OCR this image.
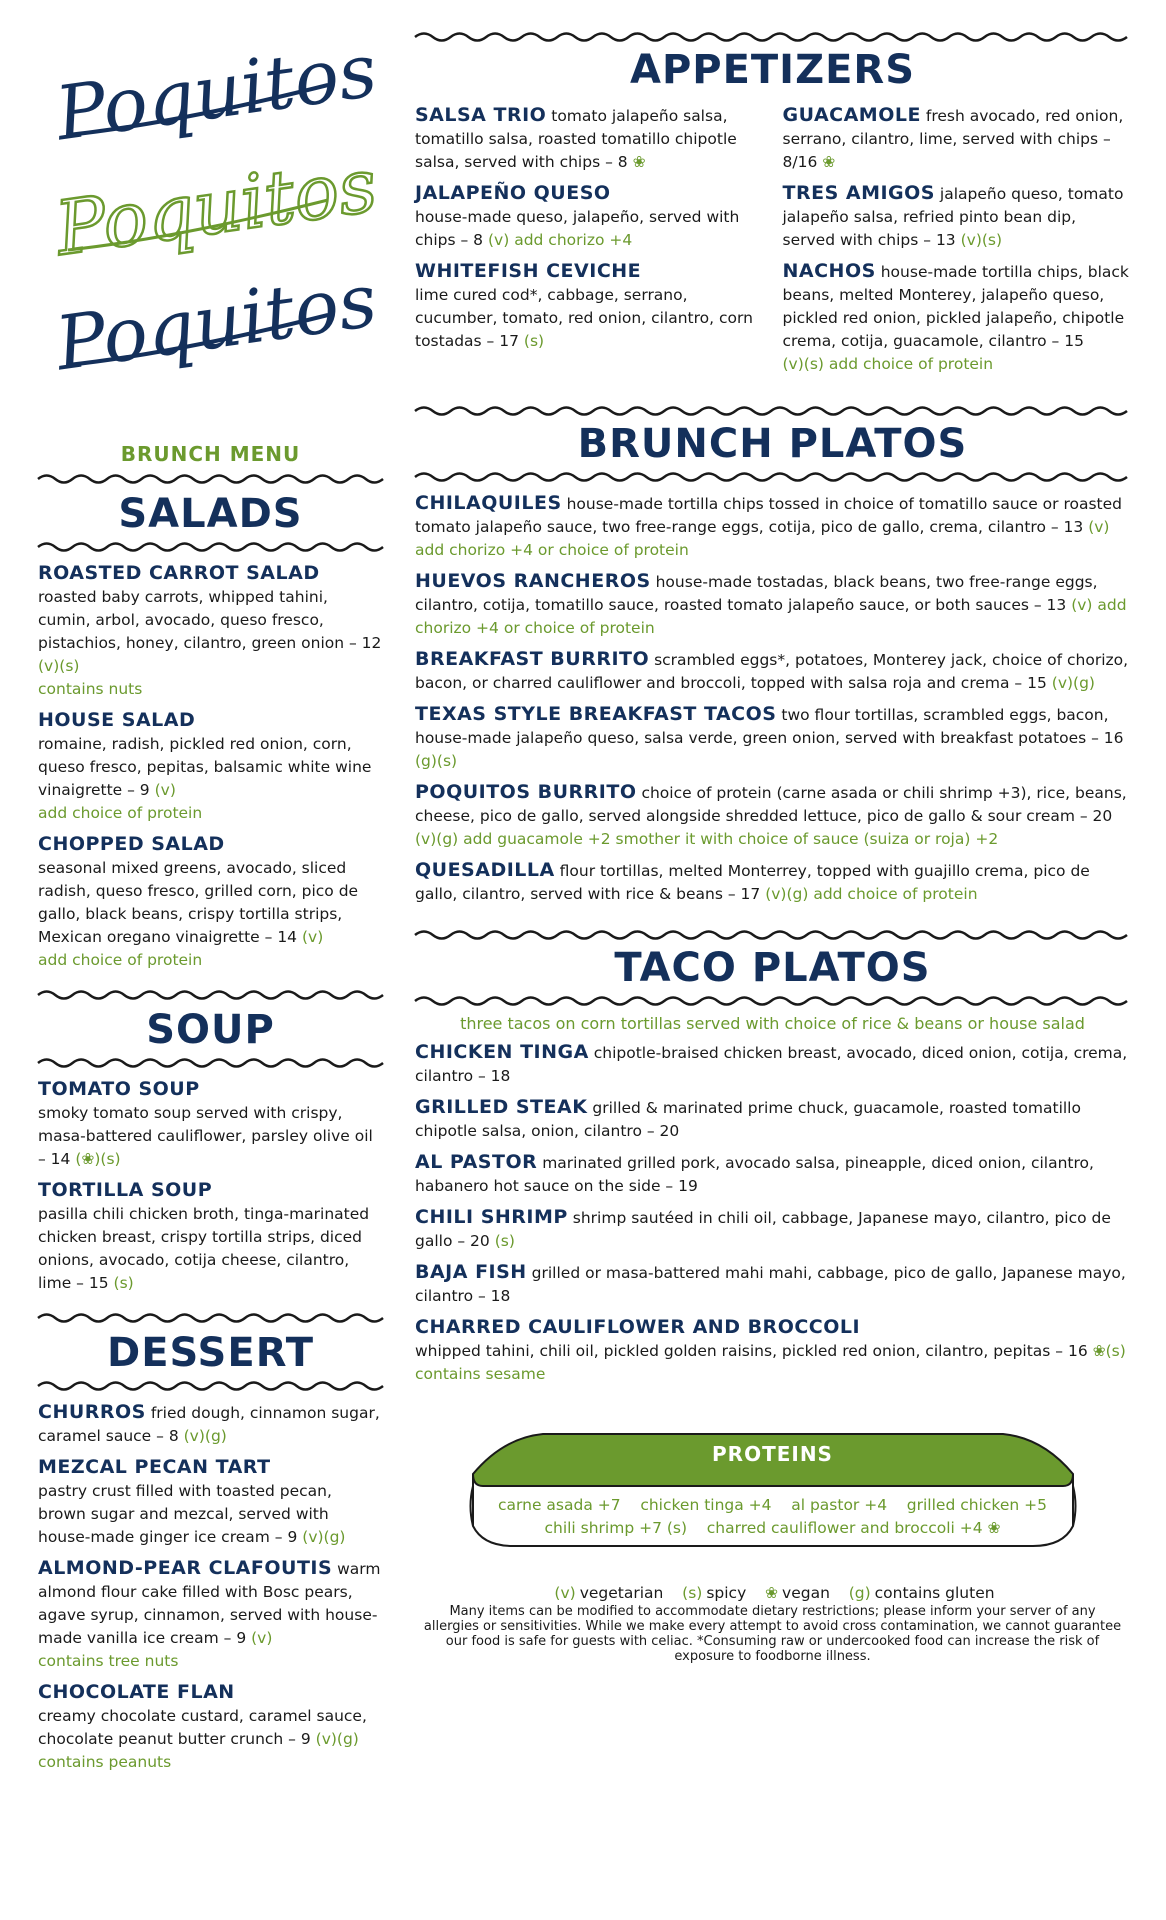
Poquitos
Poquitos
Poquitos
BRUNCH MENU
SALADS

ROASTED CARROT SALAD roasted baby carrots, whipped tahini, cumin, arbol, avocado, queso fresco, pistachios, honey, cilantro, green onion – 12 (v)(s)
contains nuts

HOUSE SALAD
romaine, radish, pickled red onion, corn, queso fresco, pepitas, balsamic white wine vinaigrette – 9 (v)
add choice of protein

CHOPPED SALAD
seasonal mixed greens, avocado, sliced radish, queso fresco, grilled corn, pico de gallo, black beans, crispy tortilla strips, Mexican oregano vinaigrette – 14 (v)
add choice of protein

SOUP

TOMATO SOUP
smoky tomato soup served with crispy, masa-battered cauliflower, parsley olive oil – 14 (❀)(s)

TORTILLA SOUP
pasilla chili chicken broth, tinga-marinated chicken breast, crispy tortilla strips, diced onions, avocado, cotija cheese, cilantro, lime – 15 (s)

DESSERT

CHURROS fried dough, cinnamon sugar, caramel sauce – 8 (v)(g)

MEZCAL PECAN TART
pastry crust filled with toasted pecan, brown sugar and mezcal, served with house-made ginger ice cream – 9 (v)(g)

ALMOND-PEAR CLAFOUTIS warm almond flour cake filled with Bosc pears, agave syrup, cinnamon, served with house-made vanilla ice cream – 9 (v)
contains tree nuts

CHOCOLATE FLAN
creamy chocolate custard, caramel sauce, chocolate peanut butter crunch – 9 (v)(g) contains peanuts

APPETIZERS

SALSA TRIO tomato jalapeño salsa, tomatillo salsa, roasted tomatillo chipotle salsa, served with chips – 8 ❀

JALAPEÑO QUESO
house-made queso, jalapeño, served with chips – 8 (v) add chorizo +4

WHITEFISH CEVICHE
lime cured cod*, cabbage, serrano, cucumber, tomato, red onion, cilantro, corn tostadas – 17 (s)

GUACAMOLE fresh avocado, red onion, serrano, cilantro, lime, served with chips – 8/16 ❀

TRES AMIGOS jalapeño queso, tomato jalapeño salsa, refried pinto bean dip, served with chips – 13 (v)(s)

NACHOS house-made tortilla chips, black beans, melted Monterey, jalapeño queso, pickled red onion, pickled jalapeño, chipotle crema, cotija, guacamole, cilantro – 15
(v)(s) add choice of protein

BRUNCH PLATOS

CHILAQUILES house-made tortilla chips tossed in choice of tomatillo sauce or roasted tomato jalapeño sauce, two free-range eggs, cotija, pico de gallo, crema, cilantro – 13 (v) add chorizo +4 or choice of protein

HUEVOS RANCHEROS house-made tostadas, black beans, two free-range eggs, cilantro, cotija, tomatillo sauce, roasted tomato jalapeño sauce, or both sauces – 13 (v) add chorizo +4 or choice of protein

BREAKFAST BURRITO scrambled eggs*, potatoes, Monterey jack, choice of chorizo, bacon, or charred cauliflower and broccoli, topped with salsa roja and crema – 15 (v)(g)

TEXAS STYLE BREAKFAST TACOS two flour tortillas, scrambled eggs, bacon, house-made jalapeño queso, salsa verde, green onion, served with breakfast potatoes – 16 (g)(s)

POQUITOS BURRITO choice of protein (carne asada or chili shrimp +3), rice, beans, cheese, pico de gallo, served alongside shredded lettuce, pico de gallo & sour cream – 20 (v)(g) add guacamole +2 smother it with choice of sauce (suiza or roja) +2

QUESADILLA flour tortillas, melted Monterrey, topped with guajillo crema, pico de gallo, cilantro, served with rice & beans – 17 (v)(g) add choice of protein

TACO PLATOS
three tacos on corn tortillas served with choice of rice & beans or house salad

CHICKEN TINGA chipotle-braised chicken breast, avocado, diced onion, cotija, crema, cilantro – 18

GRILLED STEAK grilled & marinated prime chuck, guacamole, roasted tomatillo chipotle salsa, onion, cilantro – 20

AL PASTOR marinated grilled pork, avocado salsa, pineapple, diced onion, cilantro, habanero hot sauce on the side – 19

CHILI SHRIMP shrimp sautéed in chili oil, cabbage, Japanese mayo, cilantro, pico de gallo – 20 (s)

BAJA FISH grilled or masa-battered mahi mahi, cabbage, pico de gallo, Japanese mayo, cilantro – 18

CHARRED CAULIFLOWER AND BROCCOLI
whipped tahini, chili oil, pickled golden raisins, pickled red onion, cilantro, pepitas – 16 ❀(s) contains sesame

PROTEINS
carne asada +7    chicken tinga +4    al pastor +4    grilled chicken +5
chili shrimp +7 (s)    charred cauliflower and broccoli +4 ❀
(v) vegetarian (s) spicy ❀ vegan (g) contains gluten
Many items can be modified to accommodate dietary restrictions; please inform your server of any allergies or sensitivities. While we make every attempt to avoid cross contamination, we cannot guarantee our food is safe for guests with celiac. *Consuming raw or undercooked food can increase the risk of exposure to foodborne illness.
